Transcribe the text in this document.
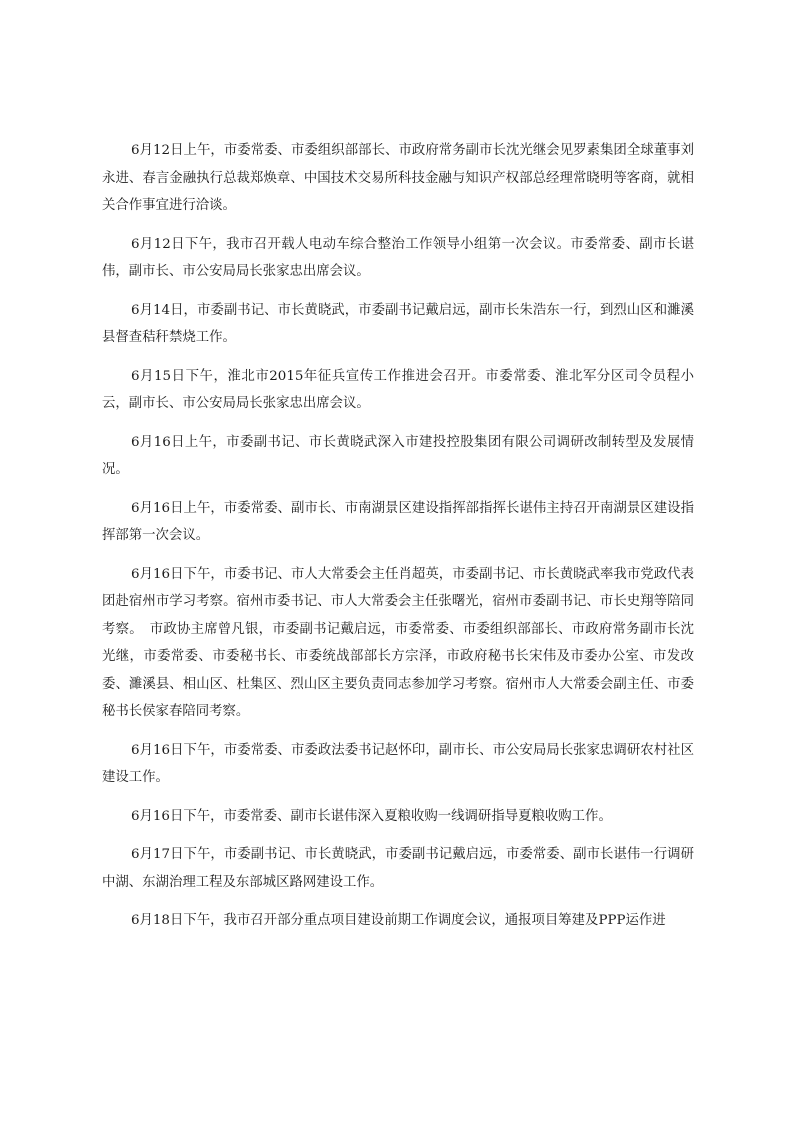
6月12日上午，市委常委、市委组织部部长、市政府常务副市长沈光继会见罗素集团全球董事刘永进、春言金融执行总裁郑焕章、中国技术交易所科技金融与知识产权部总经理常晓明等客商，就相关合作事宜进行洽谈。

6月12日下午，我市召开载人电动车综合整治工作领导小组第一次会议。市委常委、副市长谌伟，副市长、市公安局局长张家忠出席会议。

6月14日，市委副书记、市长黄晓武，市委副书记戴启远，副市长朱浩东一行，到烈山区和濉溪县督查秸秆禁烧工作。

6月15日下午，淮北市2015年征兵宣传工作推进会召开。市委常委、淮北军分区司令员程小云，副市长、市公安局局长张家忠出席会议。

6月16日上午，市委副书记、市长黄晓武深入市建投控股集团有限公司调研改制转型及发展情况。

6月16日上午，市委常委、副市长、市南湖景区建设指挥部指挥长谌伟主持召开南湖景区建设指挥部第一次会议。

6月16日下午，市委书记、市人大常委会主任肖超英，市委副书记、市长黄晓武率我市党政代表团赴宿州市学习考察。宿州市委书记、市人大常委会主任张曙光，宿州市委副书记、市长史翔等陪同考察。　市政协主席曾凡银，市委副书记戴启远，市委常委、市委组织部部长、市政府常务副市长沈光继，市委常委、市委秘书长、市委统战部部长方宗泽，市政府秘书长宋伟及市委办公室、市发改委、濉溪县、相山区、杜集区、烈山区主要负责同志参加学习考察。宿州市人大常委会副主任、市委秘书长侯家春陪同考察。

6月16日下午，市委常委、市委政法委书记赵怀印，副市长、市公安局局长张家忠调研农村社区建设工作。

6月16日下午，市委常委、副市长谌伟深入夏粮收购一线调研指导夏粮收购工作。

6月17日下午，市委副书记、市长黄晓武，市委副书记戴启远，市委常委、副市长谌伟一行调研中湖、东湖治理工程及东部城区路网建设工作。

6月18日下午，我市召开部分重点项目建设前期工作调度会议，通报项目筹建及PPP运作进
